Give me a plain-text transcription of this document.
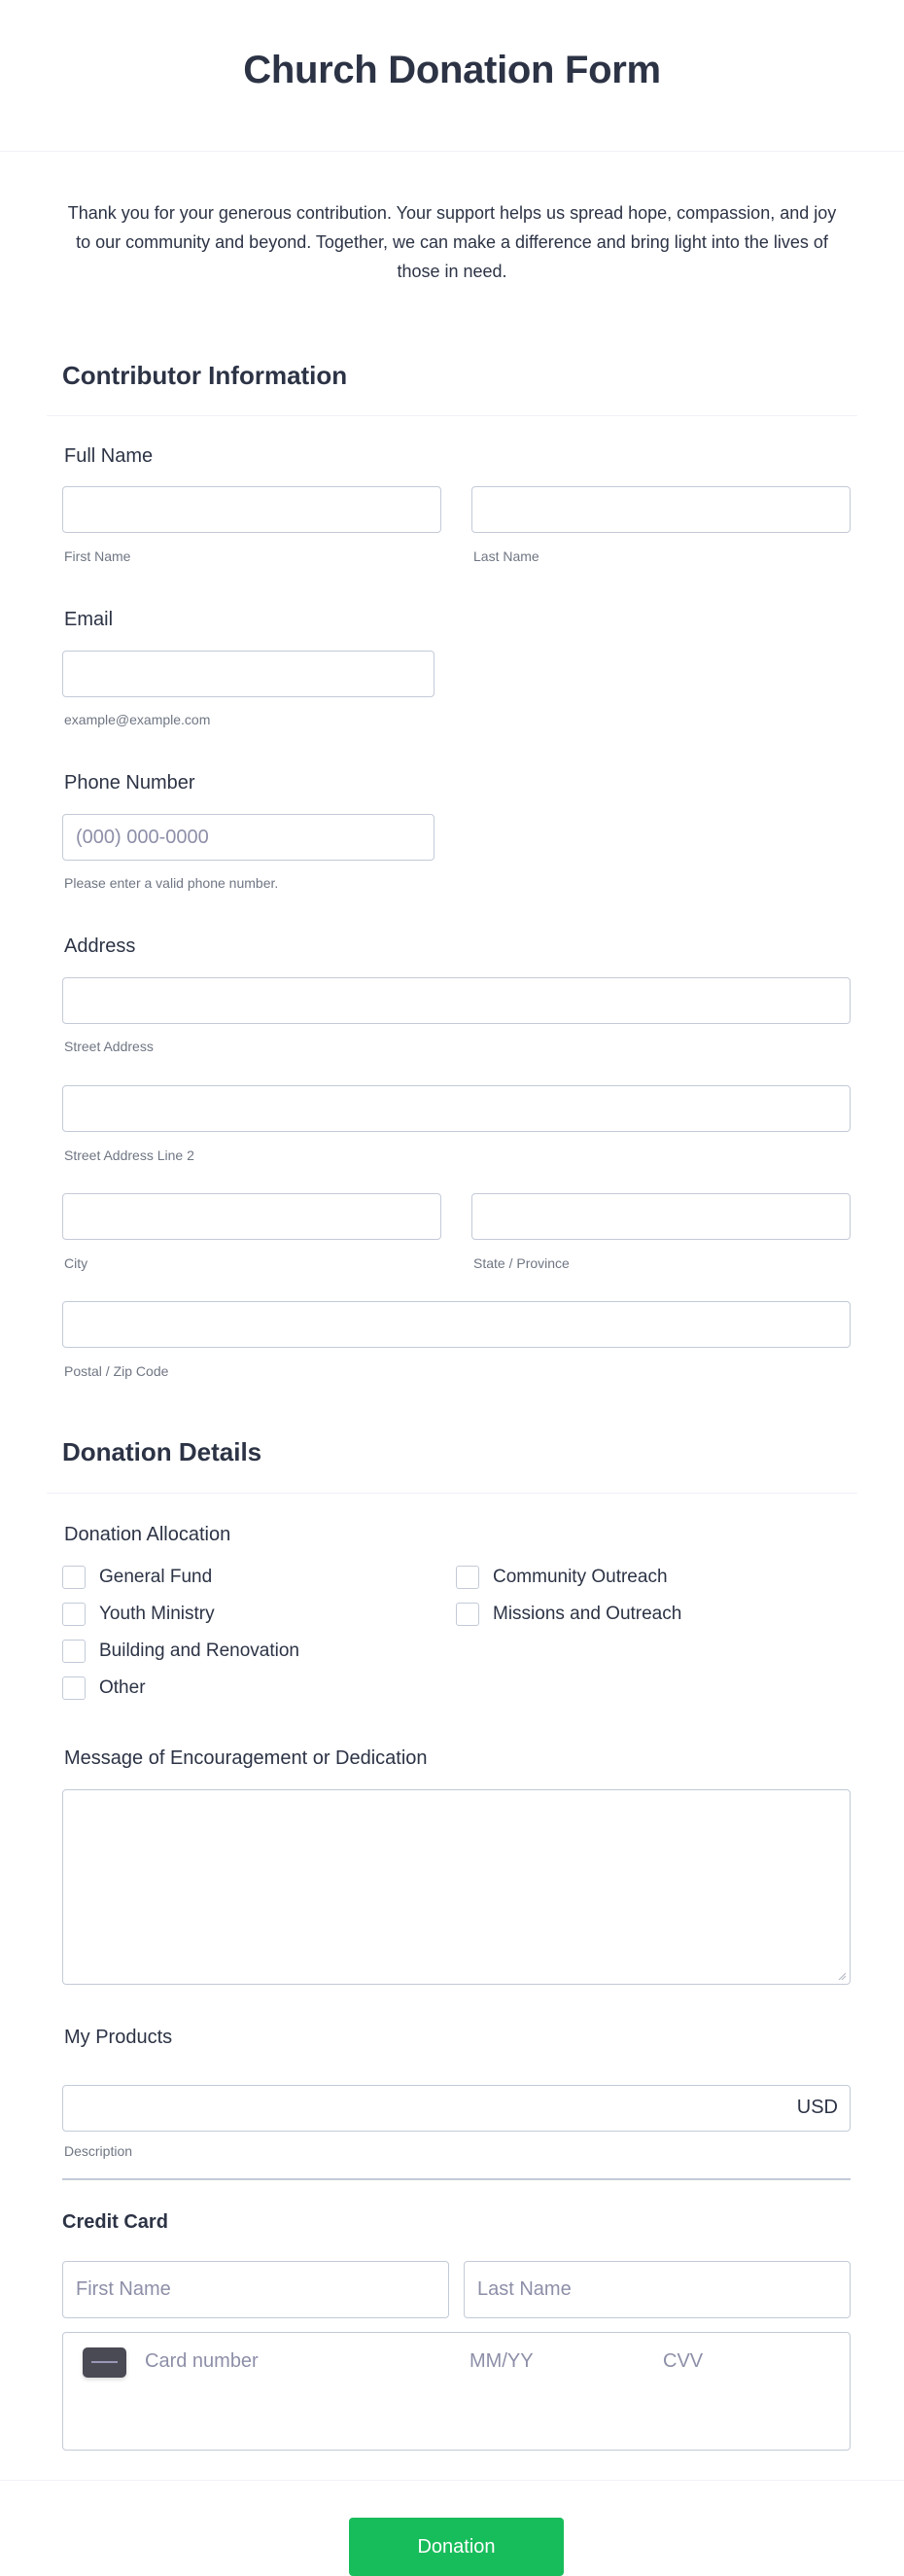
Church Donation Form
Thank you for your generous contribution. Your support helps us spread hope, compassion, and joy to our community and beyond. Together, we can make a difference and bring light into the lives of those in need.
Contributor Information
Full Name
First Name	Last Name
Email
example@example.com
Phone Number
(000) 000-0000
Please enter a valid phone number.
Address
Street Address
Street Address Line 2
City	State / Province
Postal / Zip Code
Donation Details
Donation Allocation
General Fund	Community Outreach
Youth Ministry	Missions and Outreach
Building and Renovation
Other
Message of Encouragement or Dedication
My Products
USD
Description
Credit Card
First Name	Last Name
Card number	MM/YY	CVV
Donation
